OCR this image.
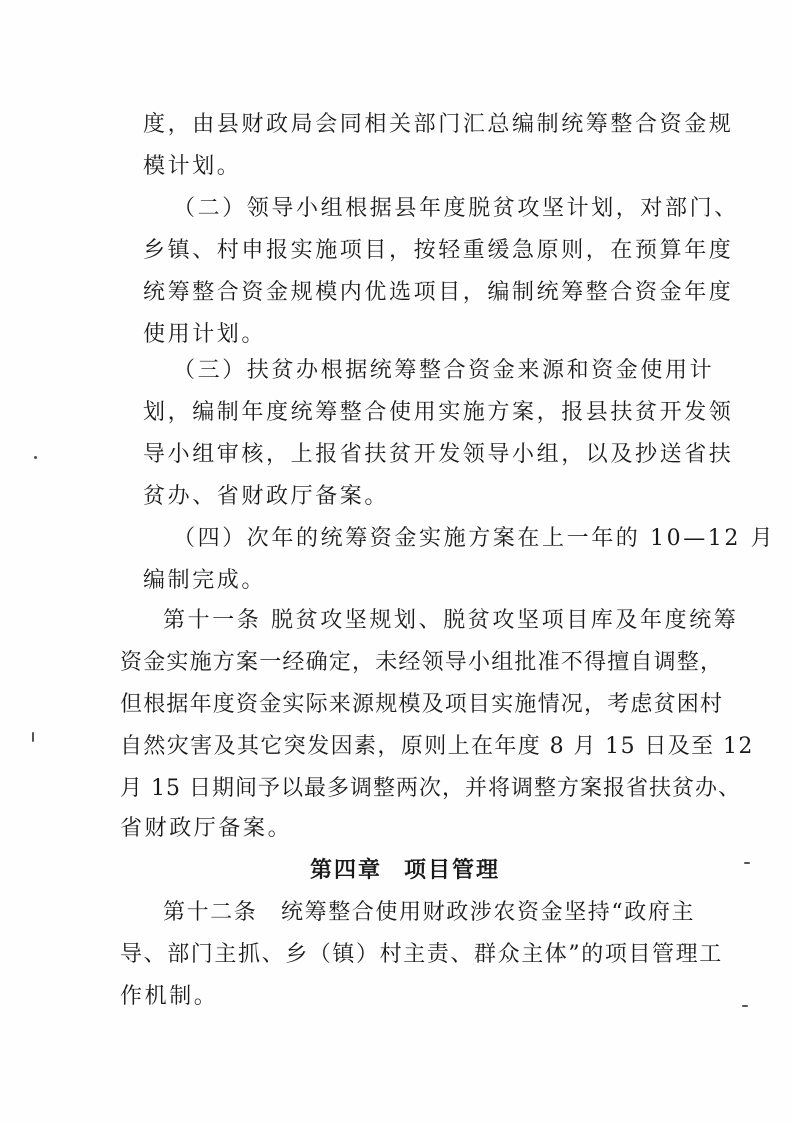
度，由县财政局会同相关部门汇总编制统筹整合资金规
模计划。
（二）领导小组根据县年度脱贫攻坚计划，对部门、
乡镇、村申报实施项目，按轻重缓急原则，在预算年度
统筹整合资金规模内优选项目，编制统筹整合资金年度
使用计划。
（三）扶贫办根据统筹整合资金来源和资金使用计
划，编制年度统筹整合使用实施方案，报县扶贫开发领
导小组审核，上报省扶贫开发领导小组，以及抄送省扶
贫办、省财政厅备案。
（四）次年的统筹资金实施方案在上一年的 10—12 月
编制完成。
第十一条 脱贫攻坚规划、脱贫攻坚项目库及年度统筹
资金实施方案一经确定，未经领导小组批准不得擅自调整，
但根据年度资金实际来源规模及项目实施情况，考虑贫困村
自然灾害及其它突发因素，原则上在年度 8 月 15 日及至 12
月 15 日期间予以最多调整两次，并将调整方案报省扶贫办、
省财政厅备案。
第四章 项目管理
第十二条　统筹整合使用财政涉农资金坚持“政府主
导、部门主抓、乡（镇）村主责、群众主体”的项目管理工
作机制。
